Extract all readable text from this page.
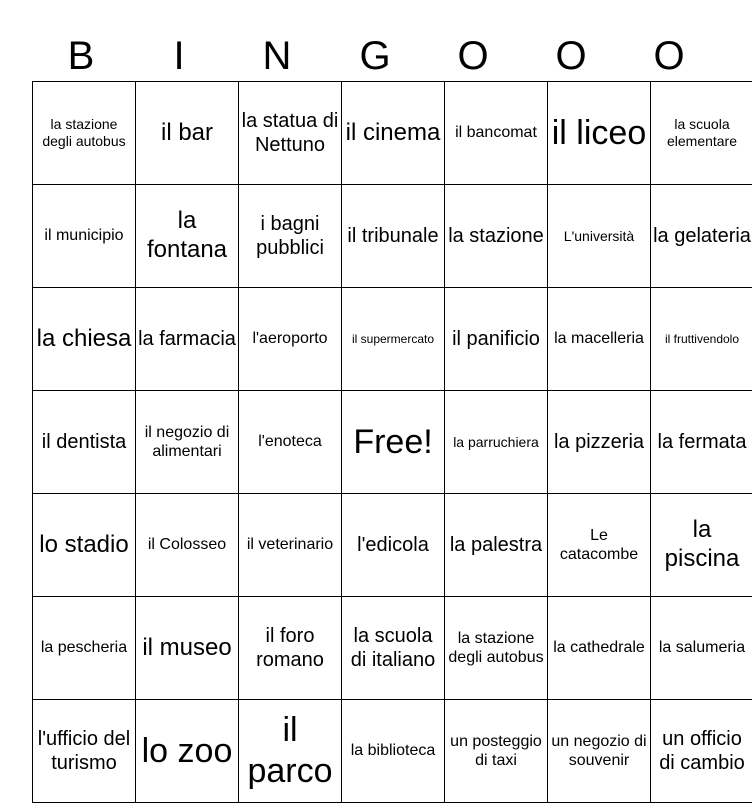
B	I	N	G	O	O	O
la stazione degli autobus	il bar	la statua di Nettuno	il cinema	il bancomat	il liceo	la scuola elementare
il municipio	la fontana	i bagni pubblici	il tribunale	la stazione	L'università	la gelateria
la chiesa	la farmacia	l'aeroporto	il supermercato	il panificio	la macelleria	il fruttivendolo
il dentista	il negozio di alimentari	l'enoteca	Free!	la parruchiera	la pizzeria	la fermata
lo stadio	il Colosseo	il veterinario	l'edicola	la palestra	Le catacombe	la piscina
la pescheria	il museo	il foro romano	la scuola di italiano	la stazione degli autobus	la cathedrale	la salumeria
l'ufficio del turismo	lo zoo	il parco	la biblioteca	un posteggio di taxi	un negozio di souvenir	un officio di cambio
